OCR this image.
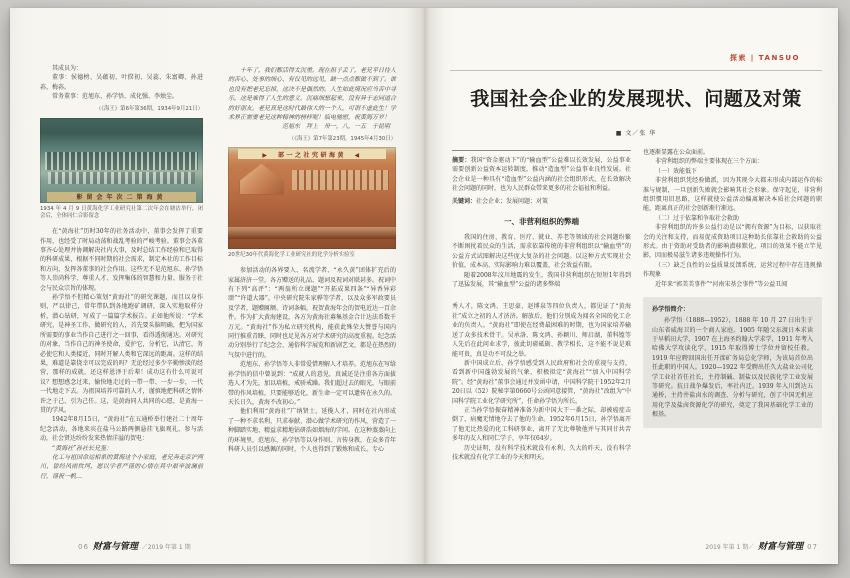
其成员为：

董事：侯德榜、吴蕴初、叶揆初、吴蕊、朱富卿、孙进荪、梅荪。

常务董事：范旭东、孙学悟、成化强、李烛尘。

（《海王》第6年第36期，1934年9月21日）

影留会年次二第海黄

1934 年 4 月 9 日黄海化学工业研究社第二次年会在塘沽举行，闭会后，全体同仁合影留念

在“黄海社”历时30年的社务活动中，董事会发挥了重要作用，也经受了时局动荡和战乱考验的严峻考验。董事会各董事齐心处理并协调解决社内大事，及时总结工作经验和已取得的科研成果，根据不同时期的社会需求，制定本社的工作目标和方向，发挥各董事的社会作用。这些无不是范旭东、孙学悟等人崇尚科学、尊重人才、发挥集体的智慧和力量、服务于社会与民众宗旨的体现。

孙学悟不但精心策划“黄海社”的研究课题，而且以身作则，严以律己，常年带队到各地跑矿调研，深入实地取样分析，潜心钻研，写成了一篇篇学术报告。正如他所说：“学术研究，是神圣工作，做研究的人，首先要头脑明确，把为国家所需要的事业当作自己进行之一回事，看得透彻通达。对研究的对象，当作自己的神圣使命，爱护它，分析它，认清它，务必使它和人类接近，同时开解人类和它深远的距离。这样的结果，难道是靠侥幸可以完成的吗？无论经过多少辛勤惨淡的经营，那样的成就，还这样恩泽于后辈！成功这有什么可说可议？想想感念过来，愉快地走过的一带一带、一步一步，一代一代地走下去。为祖国培养可靠的人才，谨慎地把科研之情怀许之于己、引为己任。这，是黄海同人共同的心愿，是黄海一贯的学风。

1942年8月15日，“黄海社”在五通桥举行建社二十周年纪念活动，各地来宾在盐马公路两侧悬挂飞旗观礼，参与活动，社会贤达纷纷发来热情洋溢的贺电：

“黄海社”孙社长兄鉴：

化工与祖国命运相系的黄海这个小家庭，老兄奔走京沪两川，曾经风雨坎坷，愿以学者严谨的心情在其中艰辛波澜前行，谨祝一帆…

十年了，我们都活得太沉重。现在担子丢了，老兄平日待人的苦心、处事的细心、有仅见的远见，缺一点点都做不到了。谁也没有把老兄忘掉，这决不是偶然的。人生如此境况应当苦中寻乐，这是难得了人生的意义。沉痛细想起来，没有异于志同道合的好朋友。老兄真是这时代最伟大的一个人，可谓不虚此生！学术界正需要老兄这种精神的榜样呢！临电驰慰，祝黄海万岁！

范旭东　拜上　卅一，八，一五　于昆明

（《海王》第7年第23期，1945年4月30日）

▶　部一之社究研海黄　◀

20世纪30年代黄海化学工业研究社的化学分析实验室

参加活动的各界要人、名流学者、“永久黄”团体扩充后的家属济济一堂，各方赠送的礼品、题词及祝词对联甚多。祝词中有下列“高评”：“两翁所立课题”“开拓成果四条”“异香异彩颂”“许道大器”。中央研究院朱家骅等学者，以及众多军政要员及学者，题赠匾额、诗词条幅，祝贺黄海年会的贺电近达一百余件。作为扩大黄海建设，各方为黄海社募集基金合计达法币数千万元。“黄海社”作为私立研究机构，能获此殊荣大赞誉与国内同行推重青睐，同时也足见各方对学术研究的高度重视。纪念活动分别举行了纪念会、通俗科学展览和新剧艺文，都是在热烈的气氛中进行的。

范旭东、孙学悟等人非常爱惜理解人才培养。范旭东在写给孙学悟的信中曾说到：“成就人的意见，真诚还是注重各方面拔选人才为先，加以培植，戒骄戒躁。我们超过去的眼光，与眼前带的作风培植，只要能够适化，新生命一定可以遗传在永久的。天长日久，黄海不改初心。”

他们利用“黄海社”广纳贤士，延揽人才，同时在社内形成了一种不求名利、只求奉献、潜心做学术研究的作风，营造了一种脚踏实地、精益求精地钻研浩如烟海的学问。在这种蒸蒸向上的环境里，范旭东、孙学悟等以身作则、言传身教，在众多青年科研人员引以感佩的同时，个人也得到了锻炼和成长。专心

06 财富与管理 ／2019 年第 1 期
探索 | TANSUO
我国社会企业的发展现状、问题及对策
■ 文／张 华

摘要：我国“资金驱动下”的“输血型”公益难以长效发展，公益事业需要创新公益资本运转制度，推动“造血型”公益事业良性发展。社会企业是一种具有“造血型”公益内涵的社会组织形式，在长效解决社会问题的同时，也为人民群众带来更多的社会福祉和利益。

关键词：社会企业；发展问题；对策

一、非营利组织的弊端

我国的住房、教育、医疗、就业、养老等领域的社会问题纷繁不断困扰着民众的生活，需求依靠传统的非营利组织以“输血型”的公益方式试图解决这些庞大复杂的社会问题。以这种方式实现社会价值，成本高、实际影响力难以覆盖，社会效益有限。

随着2008年汶川地震的发生，我国非营利组织在短短1年得到了迅猛发展，其“输血型”公益的诸多弊端

秀人才，陈文鸿、王思豪、赵博泉等四位负责人，都见证了“黄海社”成立之初的人才济济。解放后，他们分别成为闻名全国的化工企业的负责人。“黄海社”即使在经费最困难的时期，也为国家培养输送了众多技术骨干。吴承洛、陈文鸿、孙颖川、师启湖、董科镗等人先后在此问业求学，彼此切磋砥砺、教学相长，这不能不说是难能可贵，真是功不可没之举。

新中国成立后，孙学悟感受到人民政府和社会的重视与支持，看到新中国蓬勃发展的气象，积极拟定“黄海社”“加入中国科学院”。经“黄海社”董事会通过并发函申请，中国科学院于1952年2月20日以（52）院秘字第0660号公函同意接管，“黄海社”改组为“中国科学院工业化学研究所”，任命孙学悟为所长。

正当孙学悟振奋精神准备为新中国大干一番之际，却被癌症击倒了，病魔无情地夺去了他的生命。1952年6月15日，孙学悟离开了他无比热爱的化工科研事业，离开了无比尊敬他并与其同甘共苦多年的友人和同仁学子，享年仅64岁。

历史证明，没有科学技术就没有永利、久大的昨天，没有科学技术就没有化学工业的今天和明天。

也逐渐显露在公众面前。

非营利组织的弊端主要体现在三个方面：

（一）效能低下

非营利组织凭经验做派，因为其现今大都未形成内部运作的标准与规制，一旦创新失败就会影响其社会形象。保守起见，非营利组织惯用旧思路，这样就使公益活动偏离解决本质社会问题的职能，距离真正的社会创新渐行渐远。

（二）过于依靠和争取社会救助

非营利组织的许多公益行动是以“拥有资源”为目标，以获取社会的关注和支持，而易促成资助项目这种助长依靠社会救助的公益形式。由于资助对受助者的影响潜移默化，项目的效果不能立竿见影，因而极易滋生诸多违规操作行为。

（三）缺乏良性的公益质量反馈系统，运营过程中存在违规操作现象

近年来“郭美美事件”“河南宋基会事件”等公益丑闻

孙学悟简介：

孙学悟（1888—1952），1888 年 10 月 27 日出生于山东省威海卫的一个商人家庭。1905 年随父东渡日本求读于早稻田大学，1907 在上海圣约翰大学求学，1911 年考入哈佛大学攻读化学，1915 年取得博士学位并留校任教。1919 年应聘回国出任开滦矿务局总化学师，为该局首位出任此职的中国人。1920—1922 年受聘出任久大盐业公司化学工业社首任社长，主持制碱、制盐以及民族化学工业发展等研究。抗日战争爆发后，率社内迁。1939 年入川到达五通桥，主持井盐卤水的调查、分析与研究，创了中国无机应用化学及盐卤资源化学的研究，奠定了我国基础化学工业的根基。

2019 年第 1 期／ 财富与管理 07
